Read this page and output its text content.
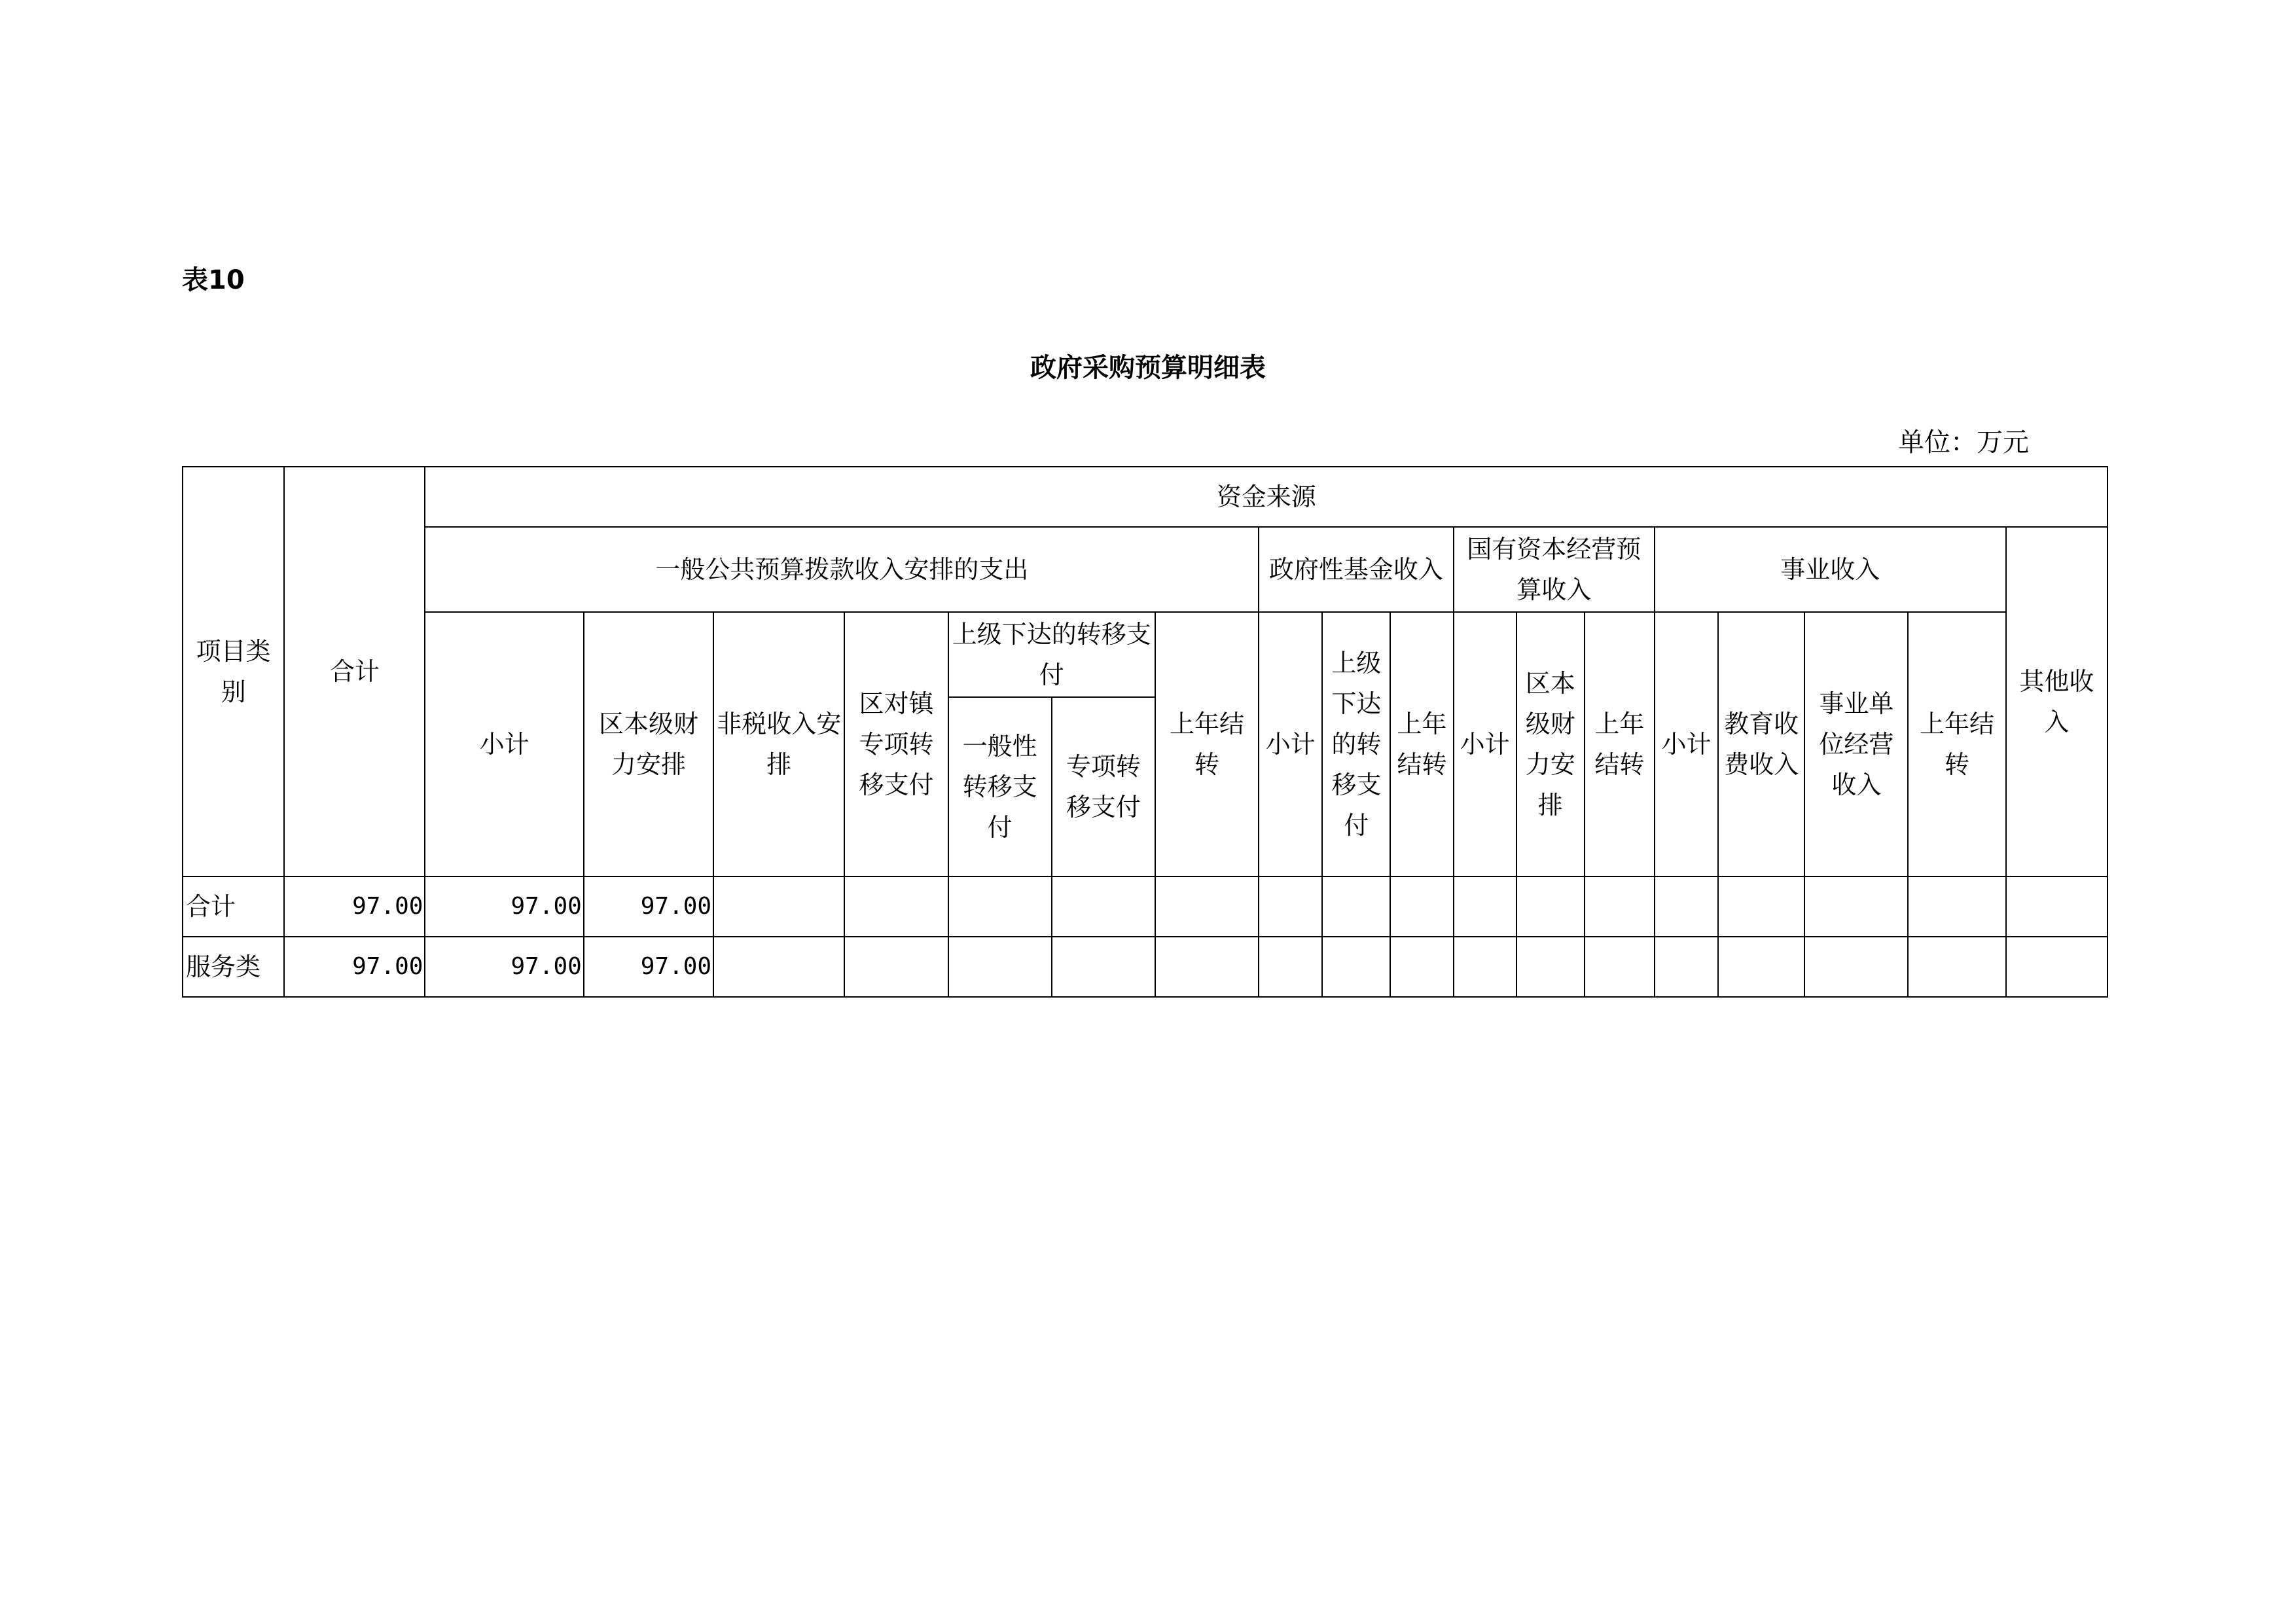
表10
政府采购预算明细表
单位：万元
项目类别	合计	资金来源																	
		一般公共预算拨款收入安排的支出							政府性基金收入			国有资本经营预算收入			事业收入				其他收入
		小计	区本级财力安排	非税收入安排	区对镇专项转移支付	上级下达的转移支付		上年结转	小计	上级下达的转移支付	上年结转	小计	区本级财力安排	上年结转	小计	教育收费收入	事业单位经营收入	上年结转	
						一般性转移支付	专项转移支付												
合计	97.00	97.00	97.00																
服务类	97.00	97.00	97.00																
